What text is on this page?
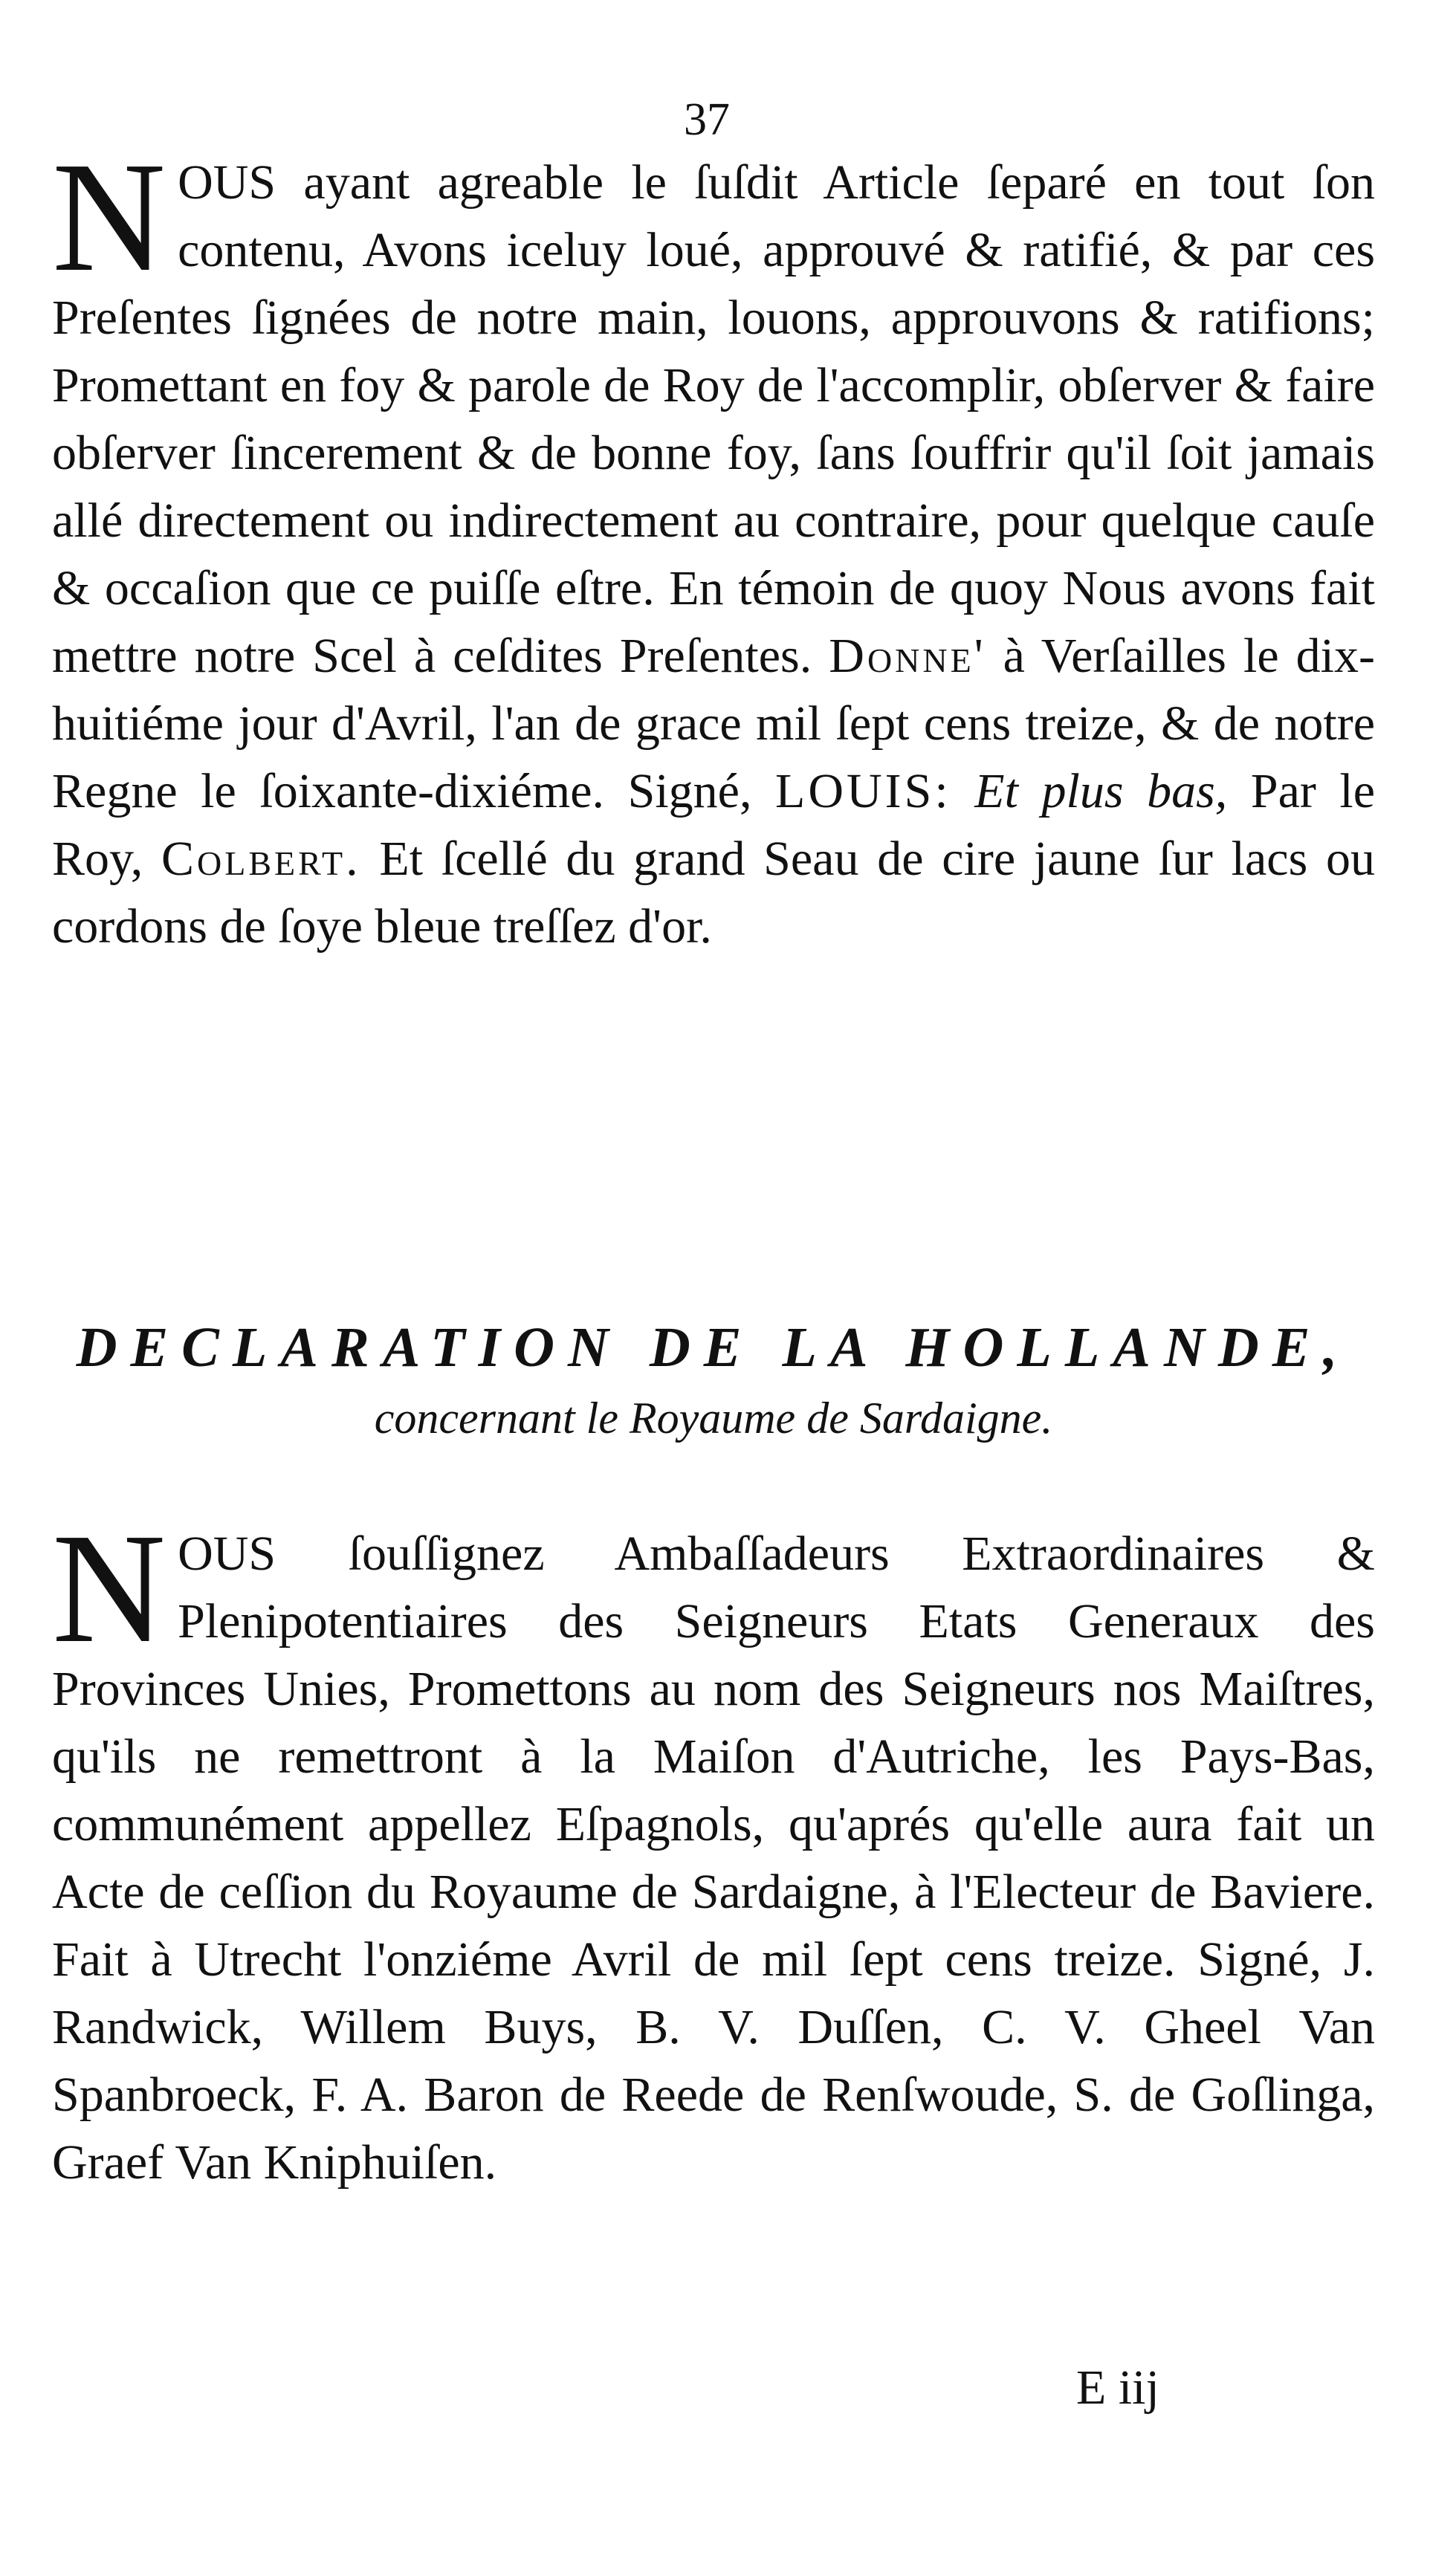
37

NOUS ayant agreable le ſuſdit Article ſeparé en tout ſon contenu, Avons iceluy loué, approuvé & ratifié, & par ces Preſentes ſignées de notre main, louons, approuvons & ratifions; Promettant en foy & parole de Roy de l'accomplir, obſerver & faire obſerver ſincerement & de bonne foy, ſans ſouffrir qu'il ſoit jamais allé directement ou indirectement au contraire, pour quelque cauſe & occaſion que ce puiſſe eſtre. En témoin de quoy Nous avons fait mettre notre Scel à ceſdites Preſentes. Donne' à Verſailles le dix-huitiéme jour d'Avril, l'an de grace mil ſept cens treize, & de notre Regne le ſoixante-dixiéme. Signé, LOUIS: Et plus bas, Par le Roy, Colbert. Et ſcellé du grand Seau de cire jaune ſur lacs ou cordons de ſoye bleue treſſez d'or.

DECLARATION DE LA HOLLANDE,
concernant le Royaume de Sardaigne.

NOUS ſouſſignez Ambaſſadeurs Extraordinaires & Plenipotentiaires des Seigneurs Etats Generaux des Provinces Unies, Promettons au nom des Seigneurs nos Maiſtres, qu'ils ne remettront à la Maiſon d'Autriche, les Pays-Bas, communément appellez Eſpagnols, qu'aprés qu'elle aura fait un Acte de ceſſion du Royaume de Sardaigne, à l'Electeur de Baviere. Fait à Utrecht l'onziéme Avril de mil ſept cens treize. Signé, J. Randwick, Willem Buys, B. V. Duſſen, C. V. Gheel Van Spanbroeck, F. A. Baron de Reede de Renſwoude, S. de Goſlinga, Graef Van Kniphuiſen.

E iij
